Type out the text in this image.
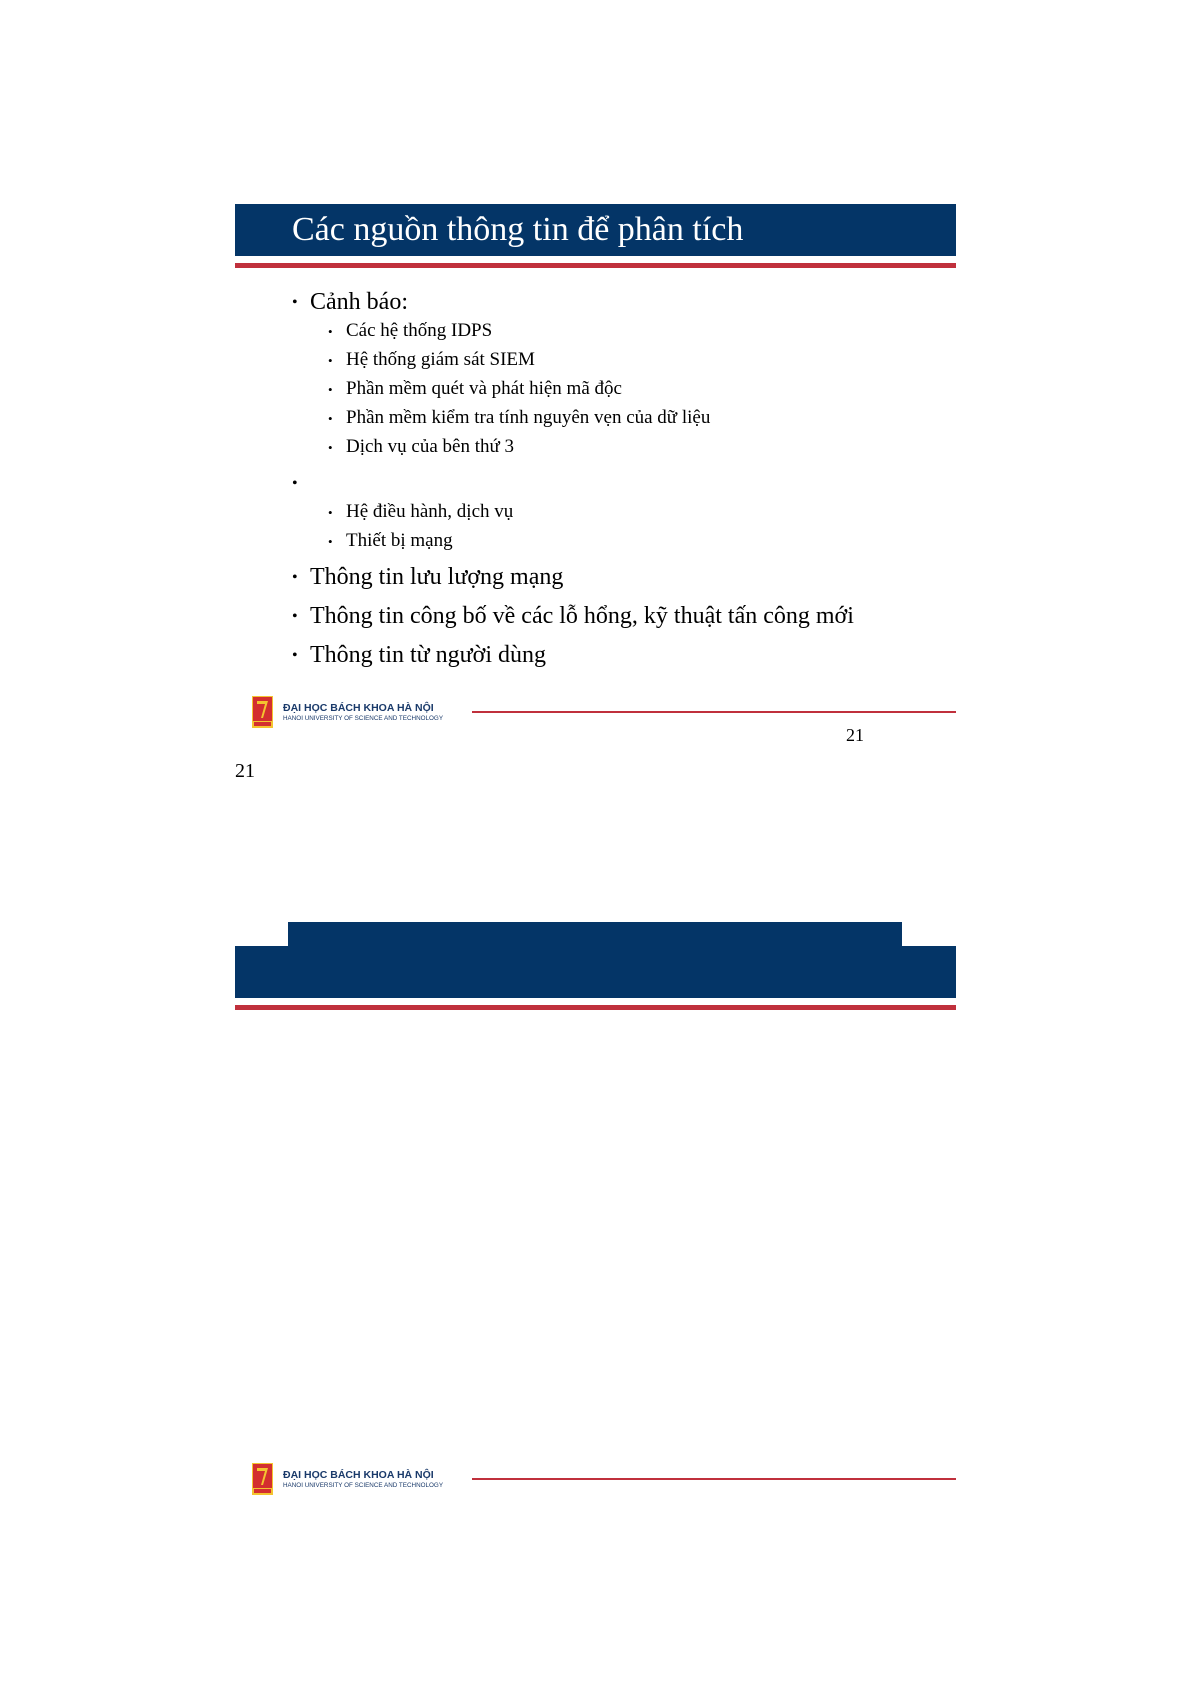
Các nguồn thông tin để phân tích
• Cảnh báo:
• Các hệ thống IDPS
• Hệ thống giám sát SIEM
• Phần mềm quét và phát hiện mã độc
• Phần mềm kiểm tra tính nguyên vẹn của dữ liệu
• Dịch vụ của bên thứ 3

• • Hệ điều hành, dịch vụ
• Thiết bị mạng
• Thông tin lưu lượng mạng
• Thông tin công bố về các lỗ hổng, kỹ thuật tấn công mới
• Thông tin từ người dùng
ĐẠI HỌC BÁCH KHOA HÀ NỘI
HANOI UNIVERSITY OF SCIENCE AND TECHNOLOGY
21
21
ĐẠI HỌC BÁCH KHOA HÀ NỘI
HANOI UNIVERSITY OF SCIENCE AND TECHNOLOGY
